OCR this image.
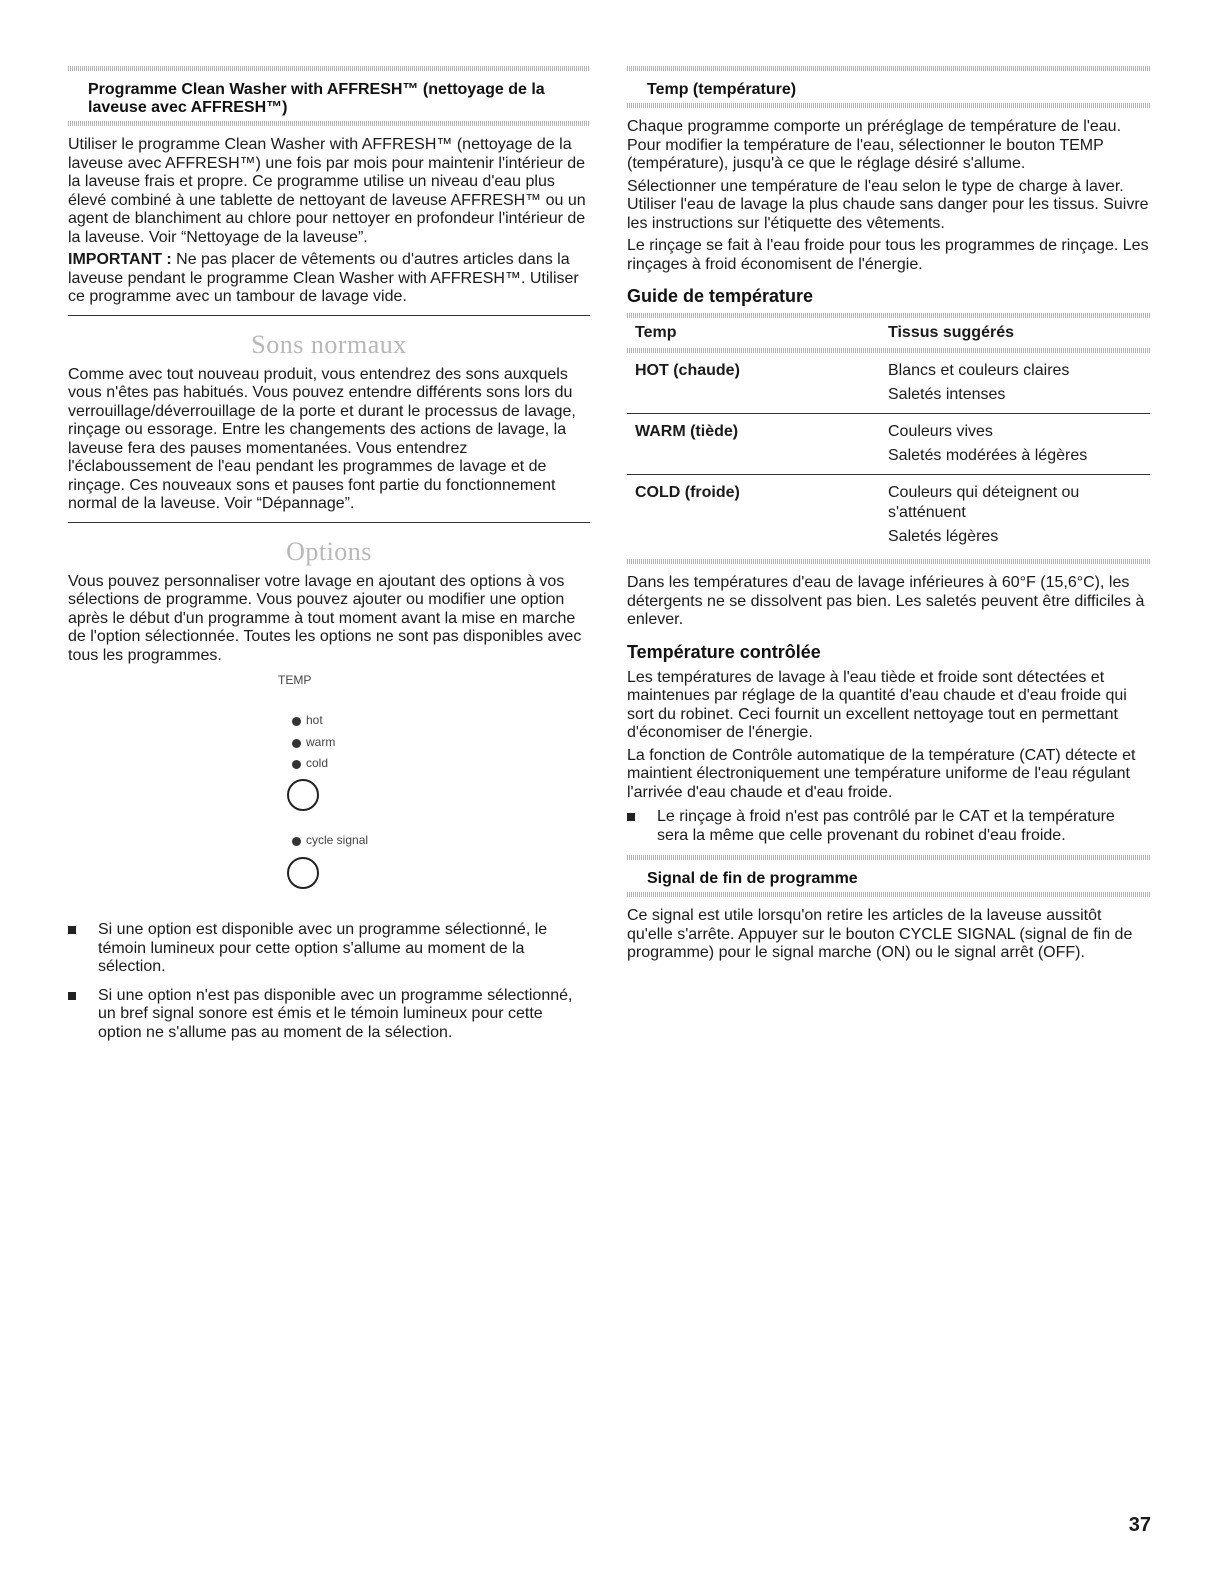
Programme Clean Washer with AFFRESH™ (nettoyage de la laveuse avec AFFRESH™)

Utiliser le programme Clean Washer with AFFRESH™ (nettoyage de la laveuse avec AFFRESH™) une fois par mois pour maintenir l'intérieur de la laveuse frais et propre. Ce programme utilise un niveau d'eau plus élevé combiné à une tablette de nettoyant de laveuse AFFRESH™ ou un agent de blanchiment au chlore pour nettoyer en profondeur l'intérieur de la laveuse. Voir “Nettoyage de la laveuse”.

IMPORTANT : Ne pas placer de vêtements ou d'autres articles dans la laveuse pendant le programme Clean Washer with AFFRESH™. Utiliser ce programme avec un tambour de lavage vide.

Sons normaux

Comme avec tout nouveau produit, vous entendrez des sons auxquels vous n'êtes pas habitués. Vous pouvez entendre différents sons lors du verrouillage/déverrouillage de la porte et durant le processus de lavage, rinçage ou essorage. Entre les changements des actions de lavage, la laveuse fera des pauses momentanées. Vous entendrez l'éclaboussement de l'eau pendant les programmes de lavage et de rinçage. Ces nouveaux sons et pauses font partie du fonctionnement normal de la laveuse. Voir “Dépannage”.

Options

Vous pouvez personnaliser votre lavage en ajoutant des options à vos sélections de programme. Vous pouvez ajouter ou modifier une option après le début d'un programme à tout moment avant la mise en marche de l'option sélectionnée. Toutes les options ne sont pas disponibles avec tous les programmes.

TEMP
hot
warm
cold
cycle signal
Si une option est disponible avec un programme sélectionné, le témoin lumineux pour cette option s'allume au moment de la sélection.
Si une option n'est pas disponible avec un programme sélectionné, un bref signal sonore est émis et le témoin lumineux pour cette option ne s'allume pas au moment de la sélection.
Temp (température)

Chaque programme comporte un préréglage de température de l'eau. Pour modifier la température de l'eau, sélectionner le bouton TEMP (température), jusqu'à ce que le réglage désiré s'allume.

Sélectionner une température de l'eau selon le type de charge à laver. Utiliser l'eau de lavage la plus chaude sans danger pour les tissus. Suivre les instructions sur l'étiquette des vêtements.

Le rinçage se fait à l'eau froide pour tous les programmes de rinçage. Les rinçages à froid économisent de l'énergie.

Guide de température
Temp	Tissus suggérés

HOT (chaude)	Blancs et couleurs claires
Saletés intenses

WARM (tiède)	Couleurs vives
Saletés modérées à légères

COLD (froide)	Couleurs qui déteignent ou s'atténuent
Saletés légères

Dans les températures d'eau de lavage inférieures à 60°F (15,6°C), les détergents ne se dissolvent pas bien. Les saletés peuvent être difficiles à enlever.

Température contrôlée

Les températures de lavage à l'eau tiède et froide sont détectées et maintenues par réglage de la quantité d'eau chaude et d'eau froide qui sort du robinet. Ceci fournit un excellent nettoyage tout en permettant d'économiser de l'énergie.

La fonction de Contrôle automatique de la température (CAT) détecte et maintient électroniquement une température uniforme de l'eau régulant l'arrivée d'eau chaude et d'eau froide.

Le rinçage à froid n'est pas contrôlé par le CAT et la température sera la même que celle provenant du robinet d'eau froide.
Signal de fin de programme

Ce signal est utile lorsqu'on retire les articles de la laveuse aussitôt qu'elle s'arrête. Appuyer sur le bouton CYCLE SIGNAL (signal de fin de programme) pour le signal marche (ON) ou le signal arrêt (OFF).

37
